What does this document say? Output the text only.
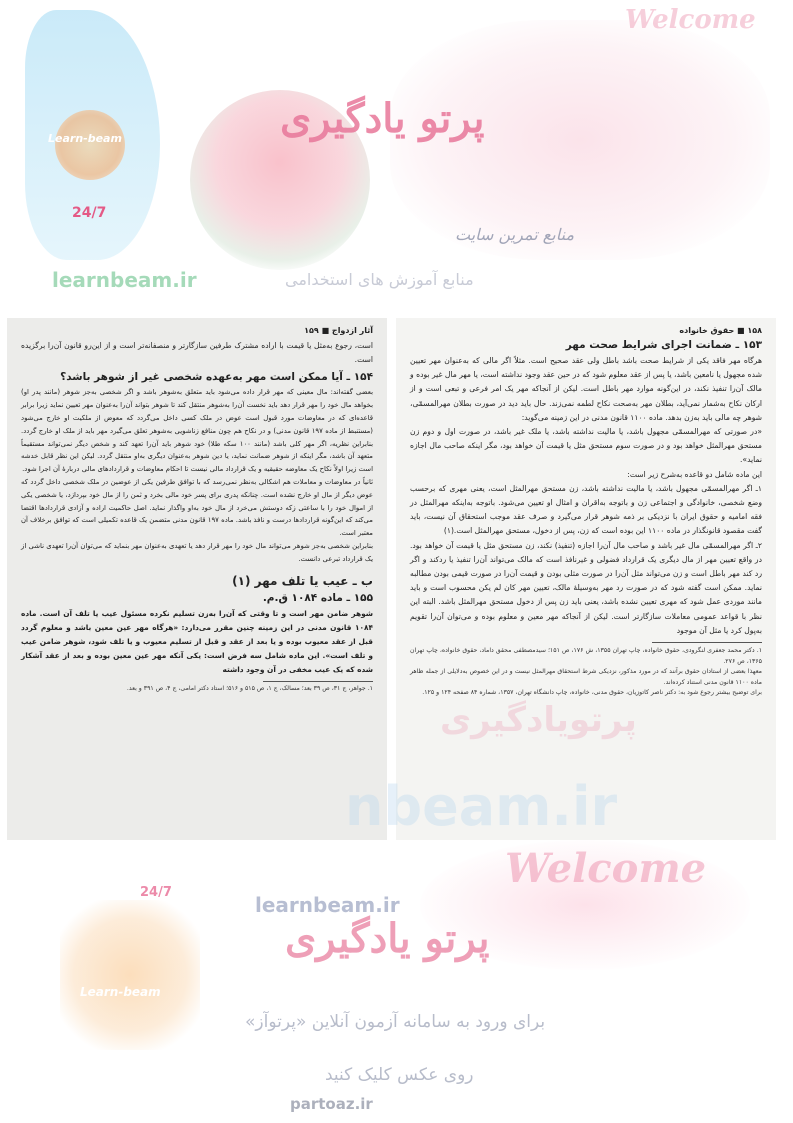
Learn-beam
24/7
Welcome
پرتو یادگیری
منابع تمرین سایت
منابع آموزش های استخدامی
learnbeam.ir
۱۵۸ ■ حقوق خانواده
۱۵۳ ـ ضمانت اجرای شرایط صحت مهر

هرگاه مهر فاقد یکی از شرایط صحت باشد باطل ولی عقد صحیح است. مثلاً اگر مالی که به‌عنوان مهر تعیین شده مجهول یا نامعین باشد، یا پس از عقد معلوم شود که در حین عقد وجود نداشته است، یا مهر مال غیر بوده و مالک آن‌را تنفیذ نکند، در این‌گونه موارد مهر باطل است. لیکن از آنجاکه مهر یک امر فرعی و تبعی است و از ارکان نکاح به‌شمار نمی‌آید، بطلان مهر به‌صحت نکاح لطمه نمی‌زند. حال باید دید در صورت بطلان مهرالمسمّی، شوهر چه مالی باید به‌زن بدهد. ماده ۱۱۰۰ قانون مدنی در این زمینه می‌گوید:

«در صورتی که مهرالمسمّی مجهول باشد، یا مالیت نداشته باشد، یا ملک غیر باشد، در صورت اول و دوم زن مستحق مهرالمثل خواهد بود و در صورت سوم مستحق مثل یا قیمت آن خواهد بود، مگر اینکه صاحب مال اجازه نماید».

این ماده شامل دو قاعده به‌شرح زیر است:

۱ـ اگر مهرالمسمّی مجهول باشد، یا مالیت نداشته باشد، زن مستحق مهرالمثل است، یعنی مهری که برحسب وضع شخصی، خانوادگی و اجتماعی زن و باتوجه به‌اقران و امثال او تعیین می‌شود. باتوجه به‌اینکه مهرالمثل در فقه امامیه و حقوق ایران با نزدیکی بر ذمه شوهر قرار می‌گیرد و صرف عقد موجب استحقاق آن نیست، باید گفت مقصود قانونگذار در ماده ۱۱۰۰ این بوده است که زن، پس از دخول، مستحق مهرالمثل است.(۱)

۲ـ اگر مهرالمسمّی مال غیر باشد و صاحب مال آن‌را اجازه (تنفیذ) نکند، زن مستحق مثل یا قیمت آن خواهد بود. در واقع تعیین مهر از مال دیگری یک قرارداد فضولی و غیرنافذ است که مالک می‌تواند آن‌را تنفیذ یا ردکند و اگر رد کند مهر باطل است و زن می‌تواند مثل آن‌را در صورت مثلی بودن و قیمت آن‌را در صورت قیمی بودن مطالبه نماید. ممکن است گفته شود که در صورت رد مهر به‌وسیلهٔ مالک، تعیین مهر کان لم یکن محسوب است و باید مانند موردی عمل شود که مهری تعیین نشده باشد، یعنی باید زن پس از دخول مستحق مهرالمثل باشد. البته این نظر با قواعد عمومی معاملات سازگارتر است. لیکن از آنجاکه مهر معین و معلوم بوده و می‌توان آن‌را تقویم به‌پول کرد یا مثل آن موجود

۱. دکتر محمد جعفری لنگرودی، حقوق خانواده، چاپ تهران ۱۳۵۵، ش ۱۷۶، ص ۱۵۱؛ سیدمصطفی محقق داماد، حقوق خانواده، چاپ تهران ۱۳۶۵، ص ۲۷۶.

معهذا بعضی از استادان حقوق برآنند که در مورد مذکور، نزدیکی شرط استحقاق مهرالمثل نیست و در این خصوص به‌دلایلی از جمله ظاهر ماده ۱۱۰۰ قانون مدنی استناد کرده‌اند.

برای توضیح بیشتر رجوع شود به: دکتر ناصر کاتوزیان، حقوق مدنی، خانواده، چاپ دانشگاه تهران، ۱۳۵۷، شماره ۸۴ صفحه ۱۲۴ و ۱۲۵.

آثار ازدواج ■ ۱۵۹

است، رجوع به‌مثل یا قیمت با اراده مشترک طرفین سازگارتر و منصفانه‌تر است و از این‌رو قانون آن‌را برگزیده است.

۱۵۴ ـ آیا ممکن است مهر به‌عهده شخصی غیر از شوهر باشد؟

بعضی گفته‌اند: مال معینی که مهر قرار داده می‌شود باید متعلق به‌شوهر باشد و اگر شخصی به‌جز شوهر (مانند پدر او) بخواهد مال خود را مهر قرار دهد باید نخست آن‌را به‌شوهر منتقل کند تا شوهر بتواند آن‌را به‌عنوان مهر تعیین نماید زیرا برابر قاعده‌ای که در معاوضات مورد قبول است عوض در ملک کسی داخل می‌گردد که معوض از ملکیت او خارج می‌شود (مستنبط از ماده ۱۹۷ قانون مدنی) و در نکاح هم چون منافع زناشویی به‌شوهر تعلق می‌گیرد مهر باید از ملک او خارج گردد. بنابراین نظریه، اگر مهر کلی باشد (مانند ۱۰۰ سکه طلا) خود شوهر باید آن‌را تعهد کند و شخص دیگر نمی‌تواند مستقیماً متعهد آن باشد، مگر اینکه از شوهر ضمانت نماید، یا دین شوهر به‌عنوان دیگری به‌او منتقل گردد. لیکن این نظر قابل خدشه است زیرا اولاً نکاح یک معاوضه حقیقیه و یک قرارداد مالی نیست تا احکام معاوضات و قراردادهای مالی دربارهٔ آن اجرا شود.

ثانیاً در معاوضات و معاملات هم اشکالی به‌نظر نمی‌رسد که با توافق طرفین یکی از عوضین در ملک شخصی داخل گردد که عوض دیگر از مال او خارج نشده است. چنانکه پدری برای پسر خود مالی بخرد و ثمن را از مال خود بپردازد، یا شخصی یکی از اموال خود را با ساعتی زکه دوستش می‌خرد از مال خود به‌او واگذار نماید. اصل حاکمیت اراده و آزادی قراردادها اقتضا می‌کند که این‌گونه قراردادها درست و نافذ باشد. ماده ۱۹۷ قانون مدنی متضمن یک قاعده تکمیلی است که توافق برخلاف آن معتبر است.

بنابراین شخصی به‌جز شوهر می‌تواند مال خود را مهر قرار دهد یا تعهدی به‌عنوان مهر بنماید که می‌توان آن‌را تعهدی ناشی از یک قرارداد تبرعی دانست.

ب ـ عیب یا تلف مهر (۱)
۱۵۵ ـ ماده ۱۰۸۴ ق.م.

شوهر ضامن مهر است و تا وقتی که آن‌را به‌زن تسلیم نکرده مسئول عیب یا تلف آن است. ماده ۱۰۸۴ قانون مدنی در این زمینه چنین مقرر می‌دارد: «هرگاه مهر عین معین باشد و معلوم گردد قبل از عقد معیوب بوده و یا بعد از عقد و قبل از تسلیم معیوب و یا تلف شود، شوهر ضامن عیب و تلف است». این ماده شامل سه فرض است: یکی آنکه مهر عین معین بوده و بعد از عقد آشکار شده که یک عیب مخفی در آن وجود داشته

۱. جواهر، ج ۳۱، ص ۳۹ بعد؛ مسالک، ج ۱، ص ۵۱۵ و ۵۱۶؛ استاد دکتر امامی، ج ۴، ص ۳۹۱ و بعد.

پرتویادگیری
nbeam.ir
Welcome
24/7
learnbeam.ir
Learn-beam
پرتو یادگیری
برای ورود به سامانه آزمون آنلاین «پرتوآز»
روی عکس کلیک کنید
partoaz.ir
